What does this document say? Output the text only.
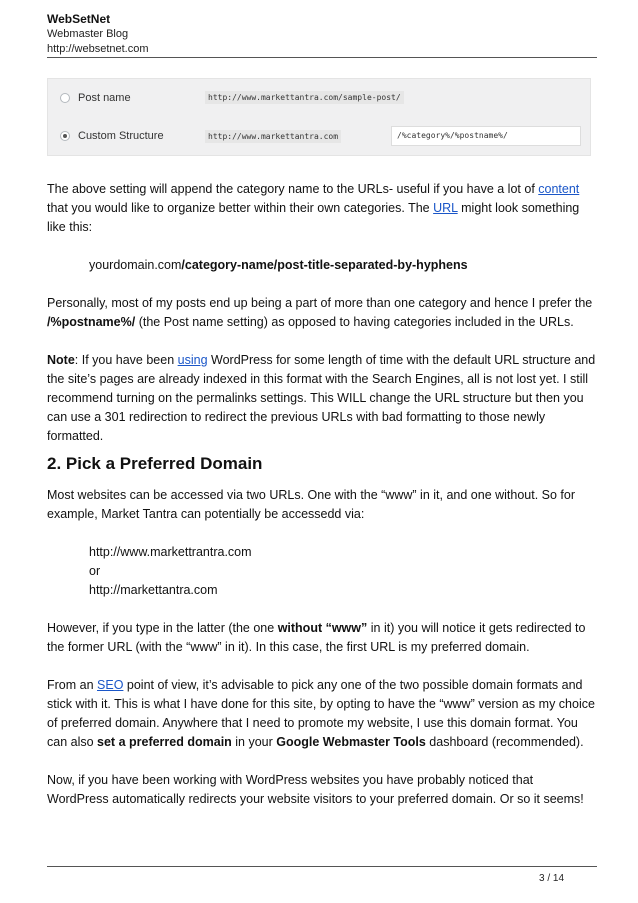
WebSetNet
Webmaster Blog
http://websetnet.com
Post name	http://www.markettantra.com/sample-post/
Custom Structure	http://www.markettantra.com	/%category%/%postname%/

The above setting will append the category name to the URLs- useful if you have a lot of content that you would like to organize better within their own categories. The URL might look something like this:

yourdomain.com/category-name/post-title-separated-by-hyphens

Personally, most of my posts end up being a part of more than one category and hence I prefer the /%postname%/ (the Post name setting) as opposed to having categories included in the URLs.

Note: If you have been using WordPress for some length of time with the default URL structure and the site’s pages are already indexed in this format with the Search Engines, all is not lost yet. I still recommend turning on the permalinks settings. This WILL change the URL structure but then you can use a 301 redirection to redirect the previous URLs with bad formatting to those newly formatted.

2. Pick a Preferred Domain

Most websites can be accessed via two URLs. One with the “www” in it, and one without. So for example, Market Tantra can potentially be accessedd via:

http://www.markettrantra.com

or

http://markettantra.com

However, if you type in the latter (the one without “www” in it) you will notice it gets redirected to the former URL (with the “www” in it). In this case, the first URL is my preferred domain.

From an SEO point of view, it’s advisable to pick any one of the two possible domain formats and stick with it. This is what I have done for this site, by opting to have the “www” version as my choice of preferred domain. Anywhere that I need to promote my website, I use this domain format. You can also set a preferred domain in your Google Webmaster Tools dashboard (recommended).

Now, if you have been working with WordPress websites you have probably noticed that WordPress automatically redirects your website visitors to your preferred domain. Or so it seems!

3 / 14
